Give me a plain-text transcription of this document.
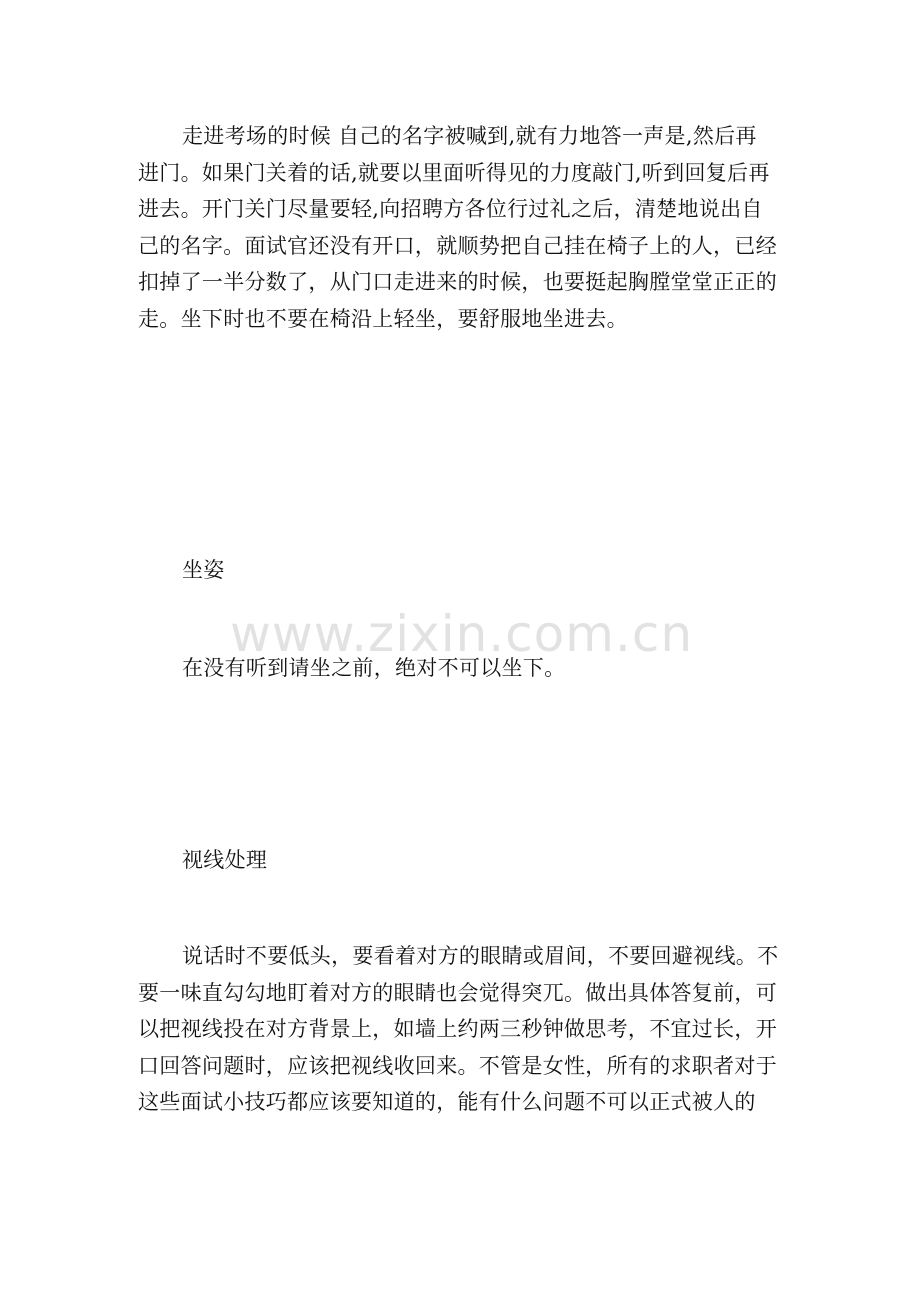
走进考场的时候 自己的名字被喊到,就有力地答一声是,然后再
进门。如果门关着的话,就要以里面听得见的力度敲门,听到回复后再
进去。开门关门尽量要轻,向招聘方各位行过礼之后，清楚地说出自
己的名字。面试官还没有开口，就顺势把自己挂在椅子上的人，已经
扣掉了一半分数了，从门口走进来的时候，也要挺起胸膛堂堂正正的
走。坐下时也不要在椅沿上轻坐，要舒服地坐进去。
坐姿
在没有听到请坐之前，绝对不可以坐下。
视线处理
说话时不要低头，要看着对方的眼睛或眉间，不要回避视线。不
要一味直勾勾地盯着对方的眼睛也会觉得突兀。做出具体答复前，可
以把视线投在对方背景上，如墙上约两三秒钟做思考，不宜过长，开
口回答问题时，应该把视线收回来。不管是女性，所有的求职者对于
这些面试小技巧都应该要知道的，能有什么问题不可以正式被人的
www.zixin.com.cn
